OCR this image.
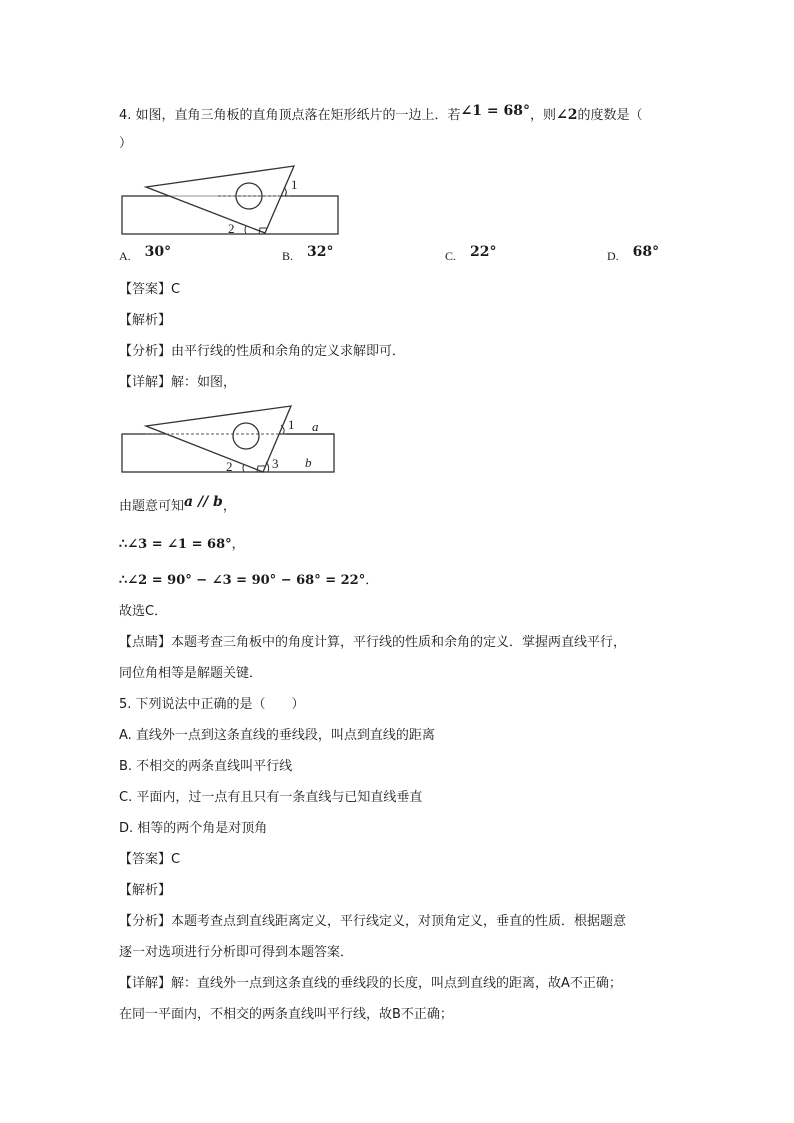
4. 如图，直角三角板的直角顶点落在矩形纸片的一边上．若∠1 = 68°，则∠2的度数是（
）
1
2
A. 30°	B. 32°	C. 22°	D. 68°
【答案】C
【解析】
【分析】由平行线的性质和余角的定义求解即可．
【详解】解：如图，
1 a
2	3 b
由题意可知a // b，
∴∠3 = ∠1 = 68°，
∴∠2 = 90° − ∠3 = 90° − 68° = 22°．
故选C．
【点睛】本题考查三角板中的角度计算，平行线的性质和余角的定义．掌握两直线平行，
同位角相等是解题关键．
5. 下列说法中正确的是（　　）
A. 直线外一点到这条直线的垂线段，叫点到直线的距离
B. 不相交的两条直线叫平行线
C. 平面内，过一点有且只有一条直线与已知直线垂直
D. 相等的两个角是对顶角
【答案】C
【解析】
【分析】本题考查点到直线距离定义，平行线定义，对顶角定义，垂直的性质．根据题意
逐一对选项进行分析即可得到本题答案．
【详解】解：直线外一点到这条直线的垂线段的长度，叫点到直线的距离，故A不正确；
在同一平面内，不相交的两条直线叫平行线，故B不正确；
